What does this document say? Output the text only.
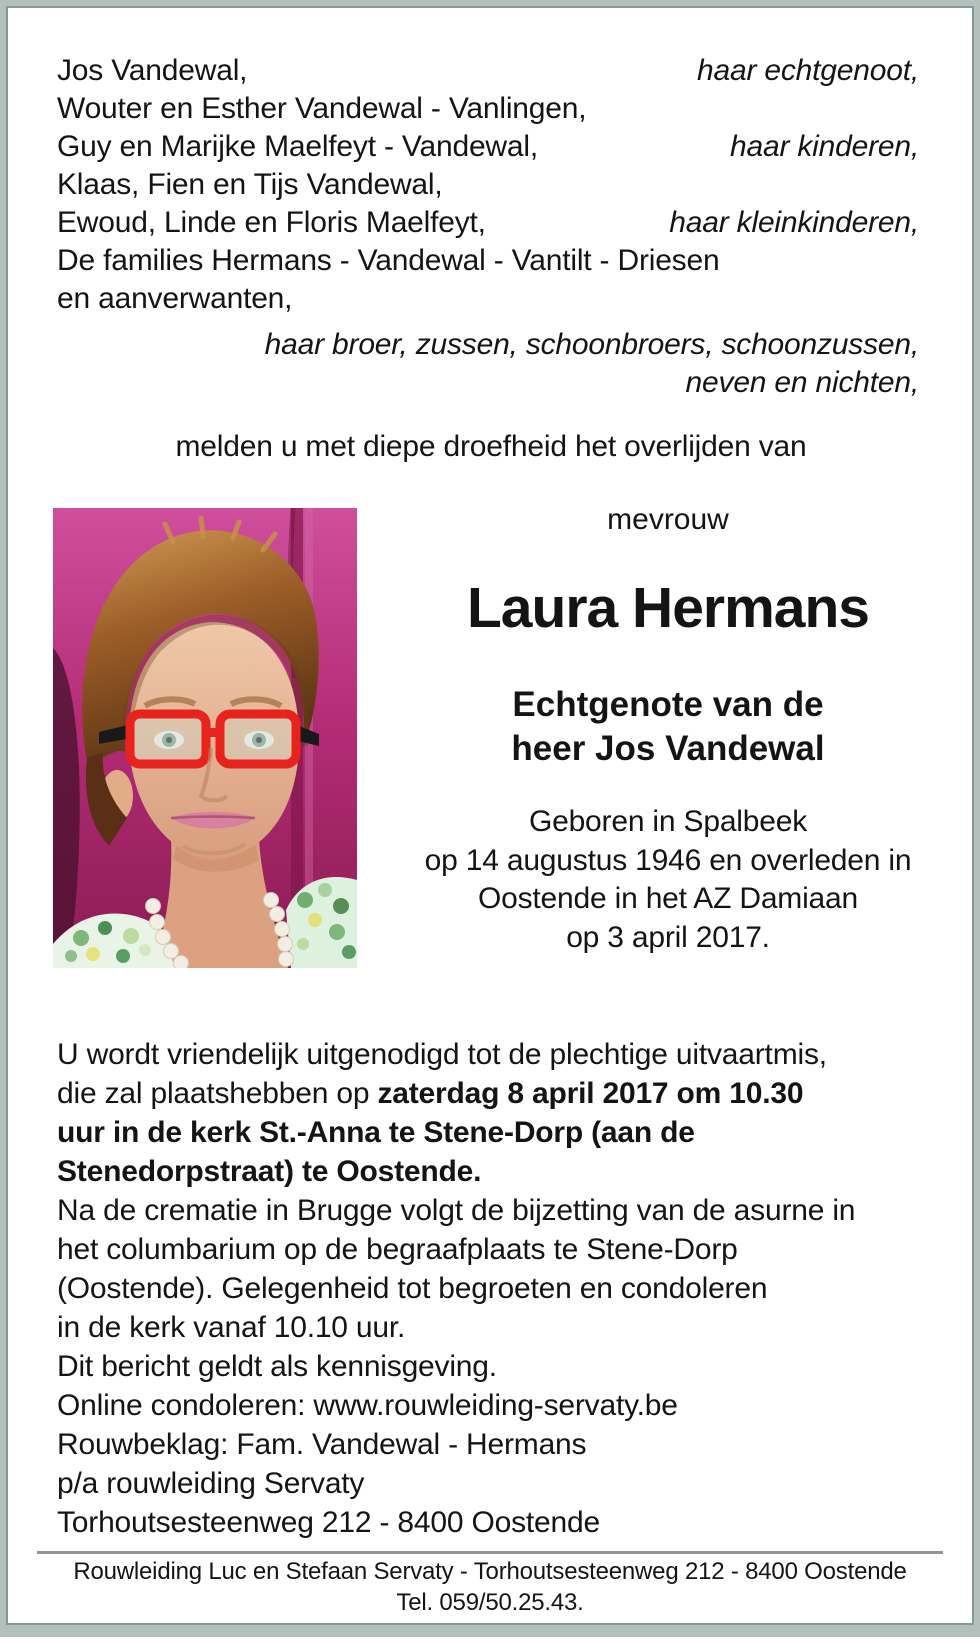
Jos Vandewal,	haar echtgenoot,
Wouter en Esther Vandewal - Vanlingen,
Guy en Marijke Maelfeyt - Vandewal,	haar kinderen,
Klaas, Fien en Tijs Vandewal,
Ewoud, Linde en Floris Maelfeyt,	haar kleinkinderen,
De families Hermans - Vandewal - Vantilt - Driesen
en aanverwanten,
haar broer, zussen, schoonbroers, schoonzussen,
neven en nichten,
melden u met diepe droefheid het overlijden van
mevrouw
Laura Hermans
Echtgenote van de
heer Jos Vandewal
Geboren in Spalbeek
op 14 augustus 1946 en overleden in
Oostende in het AZ Damiaan
op 3 april 2017.
U wordt vriendelijk uitgenodigd tot de plechtige uitvaartmis,
die zal plaatshebben op zaterdag 8 april 2017 om 10.30
uur in de kerk St.-Anna te Stene-Dorp (aan de
Stenedorpstraat) te Oostende.
Na de crematie in Brugge volgt de bijzetting van de asurne in
het columbarium op de begraafplaats te Stene-Dorp
(Oostende). Gelegenheid tot begroeten en condoleren
in de kerk vanaf 10.10 uur.
Dit bericht geldt als kennisgeving.
Online condoleren: www.rouwleiding-servaty.be
Rouwbeklag: Fam. Vandewal - Hermans
p/a rouwleiding Servaty
Torhoutsesteenweg 212 - 8400 Oostende
Rouwleiding Luc en Stefaan Servaty - Torhoutsesteenweg 212 - 8400 Oostende
Tel. 059/50.25.43.
